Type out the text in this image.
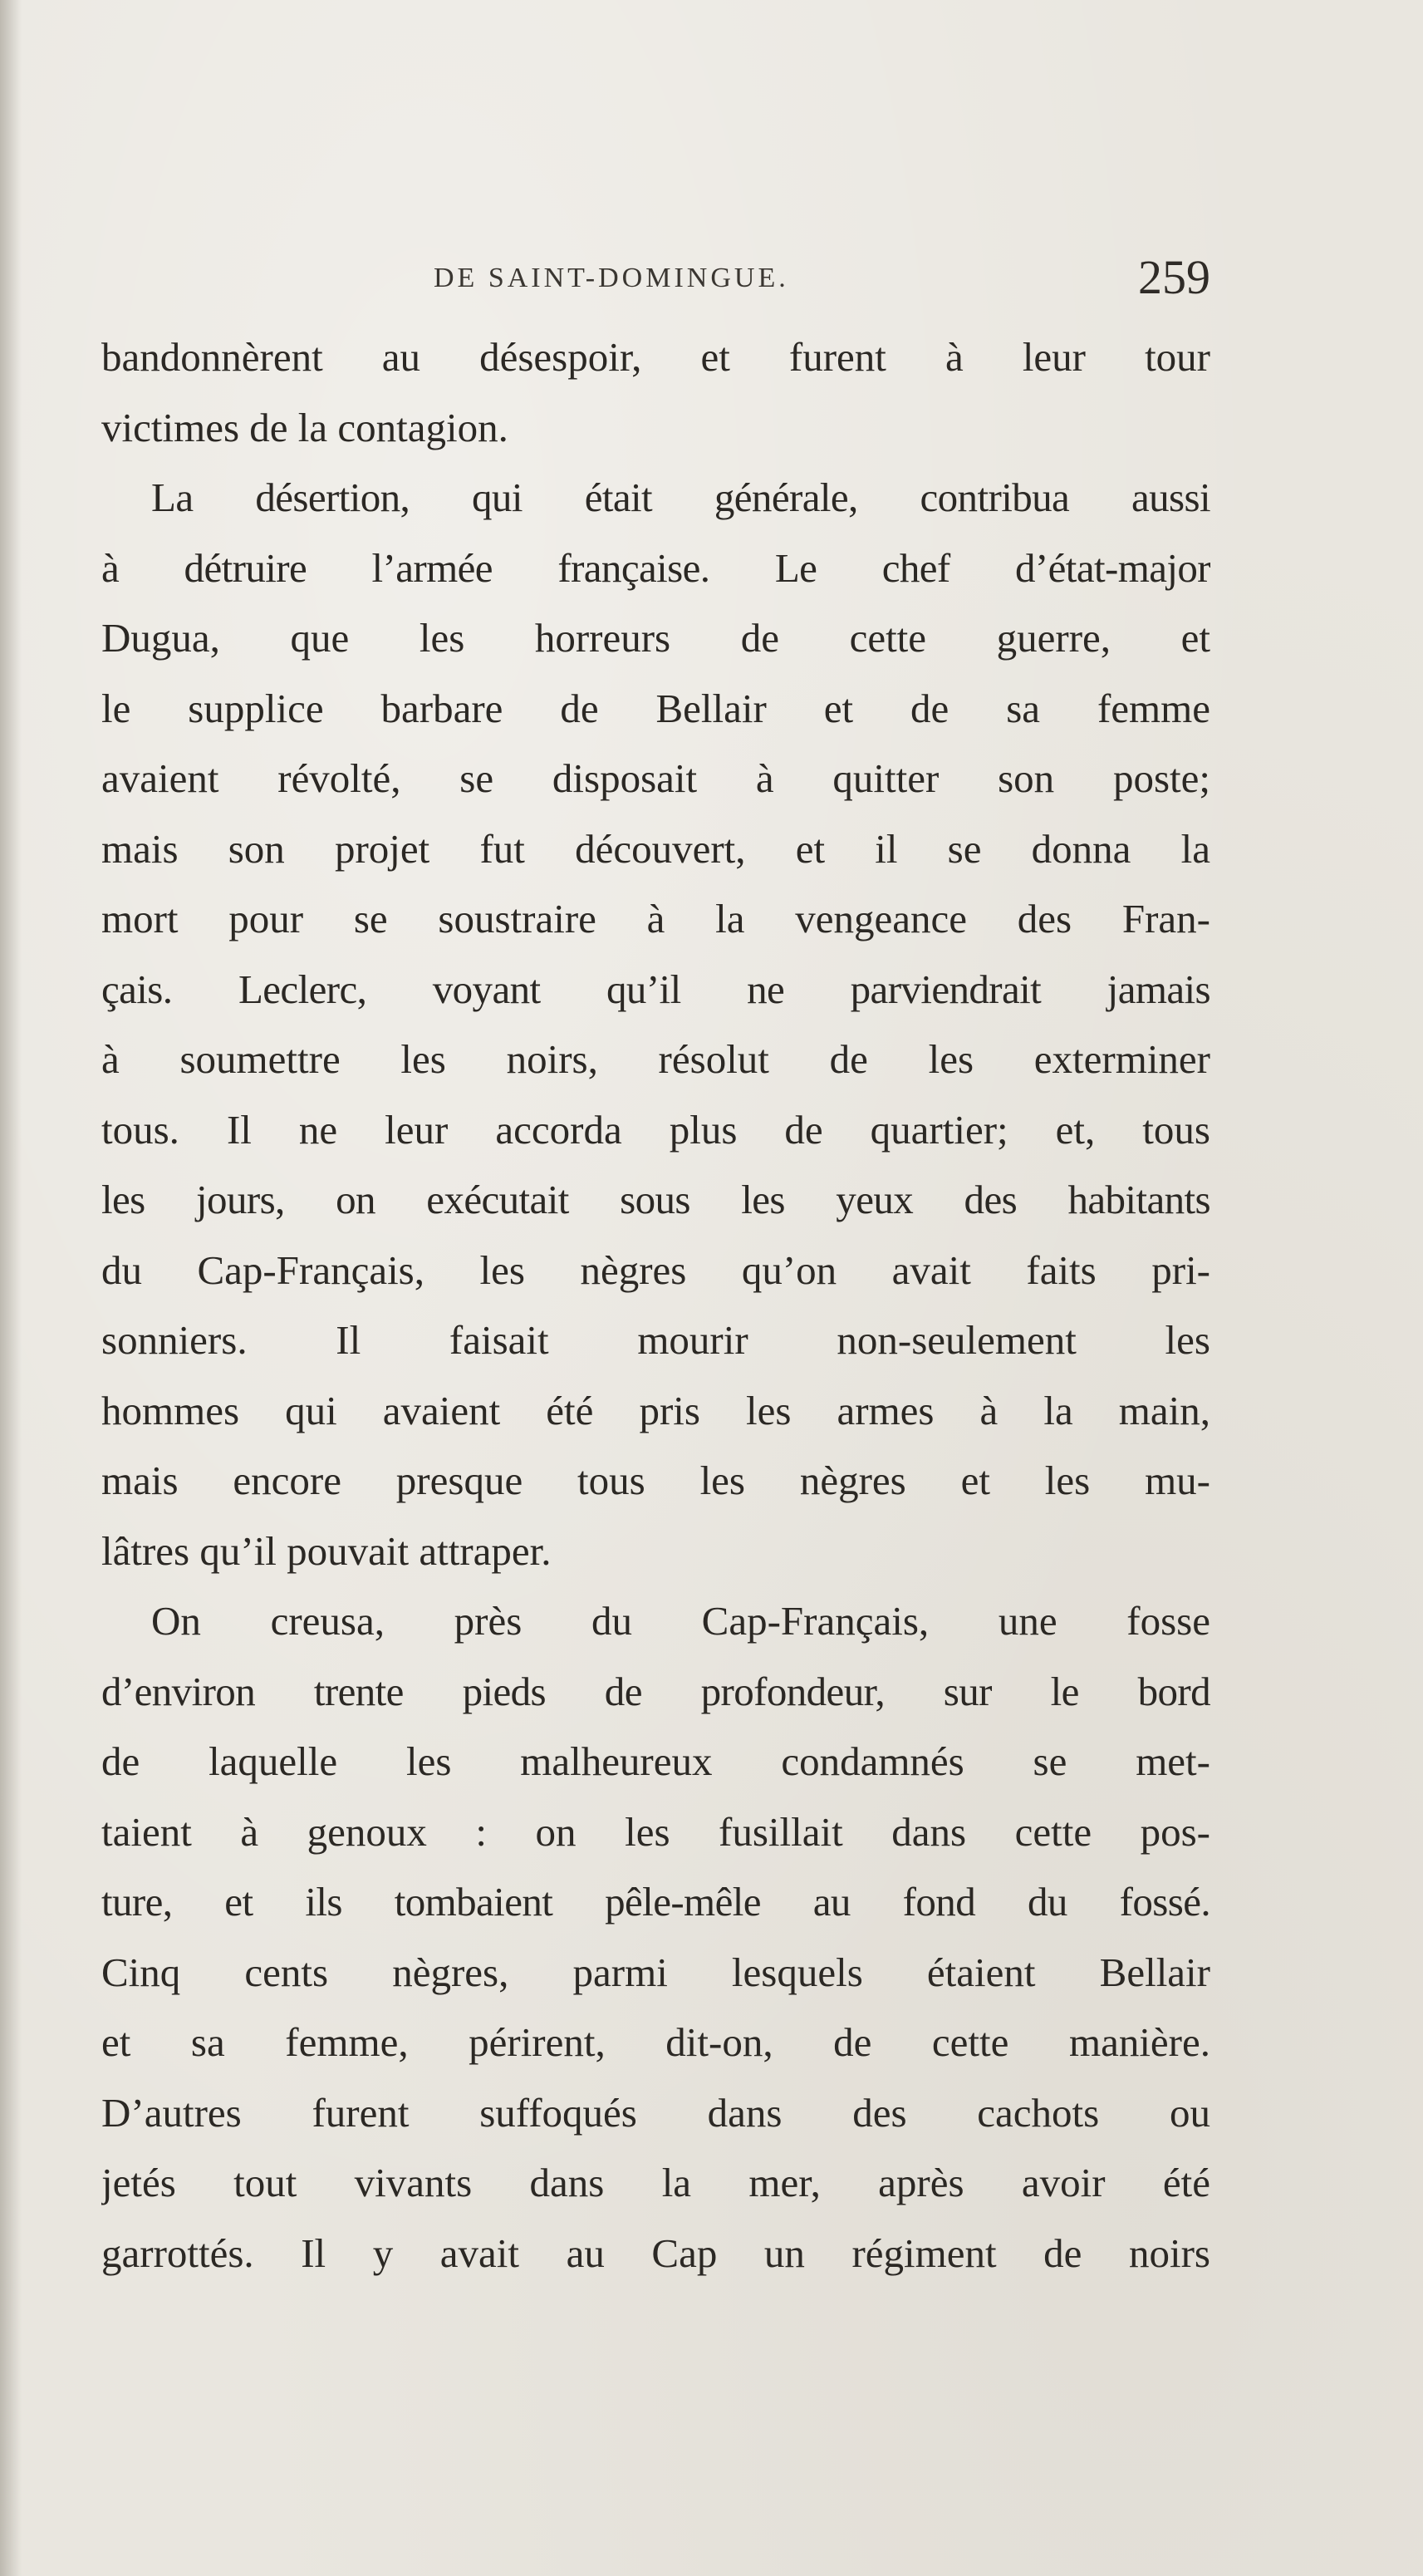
DE SAINT-DOMINGUE.	259
bandonnèrent au désespoir, et furent à leur tour
victimes de la contagion.
La désertion, qui était générale, contribua aussi
à détruire l’armée française. Le chef d’état-major
Dugua, que les horreurs de cette guerre, et
le supplice barbare de Bellair et de sa femme
avaient révolté, se disposait à quitter son poste;
mais son projet fut découvert, et il se donna la
mort pour se soustraire à la vengeance des Fran-
çais. Leclerc, voyant qu’il ne parviendrait jamais
à soumettre les noirs, résolut de les exterminer
tous. Il ne leur accorda plus de quartier; et, tous
les jours, on exécutait sous les yeux des habitants
du Cap-Français, les nègres qu’on avait faits pri-
sonniers. Il faisait mourir non-seulement les
hommes qui avaient été pris les armes à la main,
mais encore presque tous les nègres et les mu-
lâtres qu’il pouvait attraper.
On creusa, près du Cap-Français, une fosse
d’environ trente pieds de profondeur, sur le bord
de laquelle les malheureux condamnés se met-
taient à genoux : on les fusillait dans cette pos-
ture, et ils tombaient pêle-mêle au fond du fossé.
Cinq cents nègres, parmi lesquels étaient Bellair
et sa femme, périrent, dit-on, de cette manière.
D’autres furent suffoqués dans des cachots ou
jetés tout vivants dans la mer, après avoir été
garrottés. Il y avait au Cap un régiment de noirs
